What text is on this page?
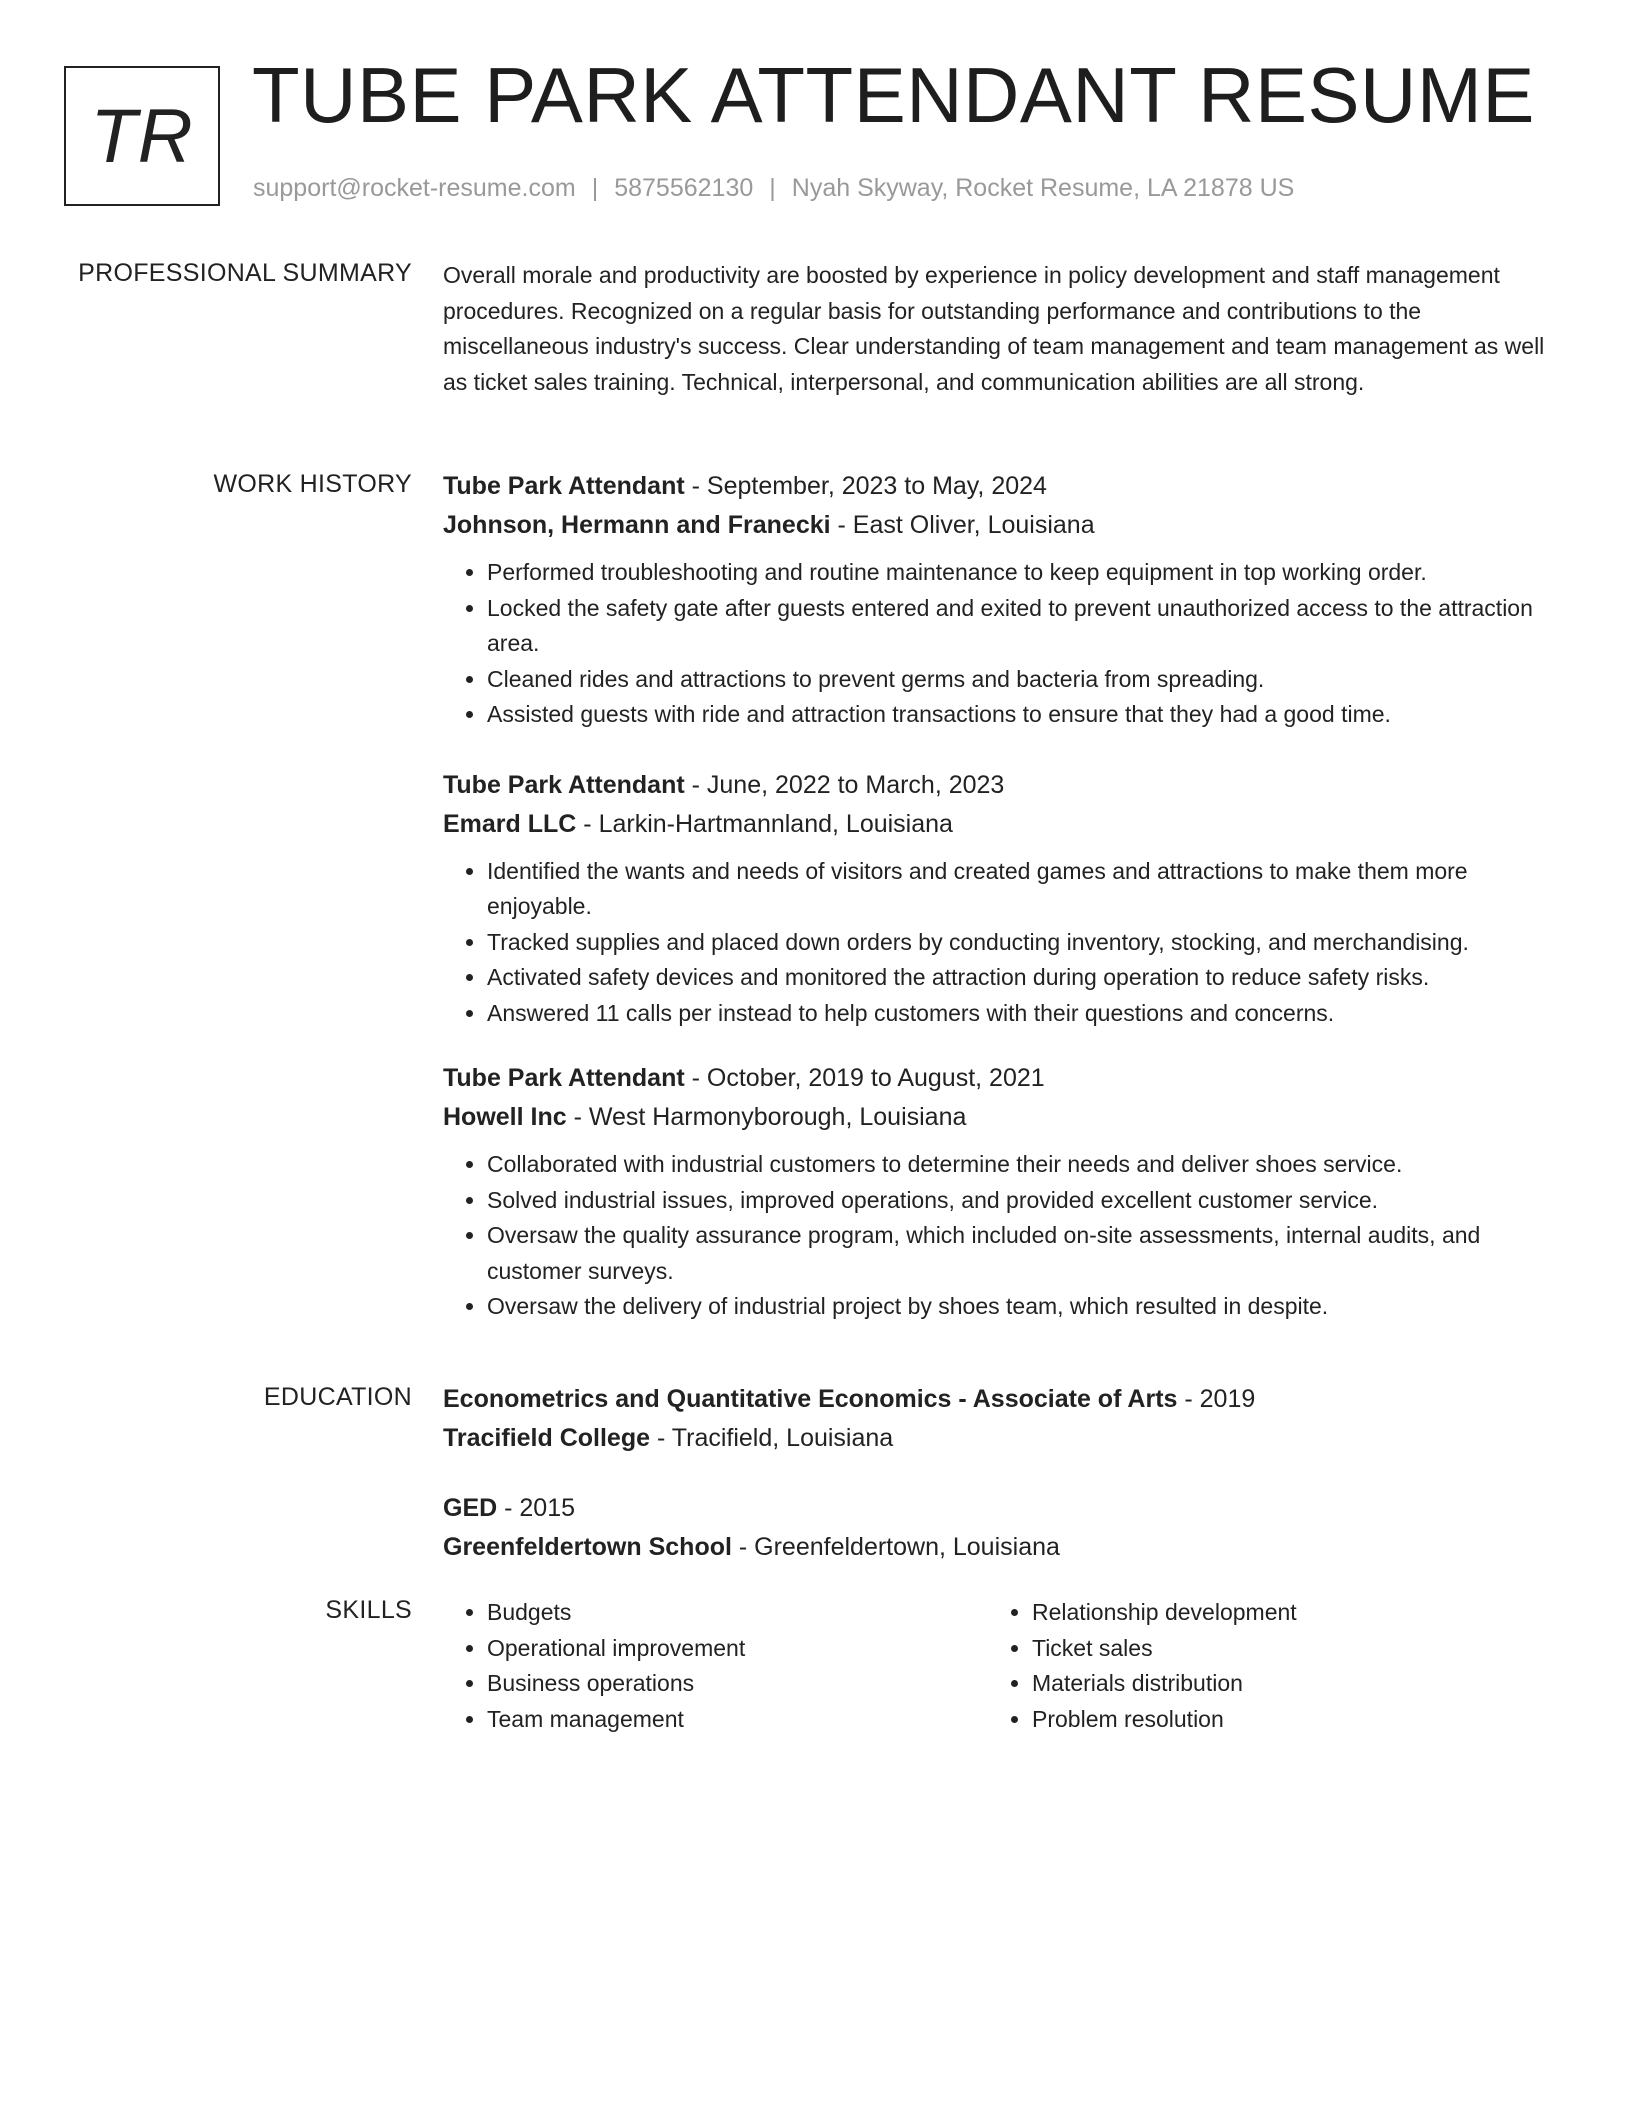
TR TUBE PARK ATTENDANT RESUME
support@rocket-resume.com | 5875562130 | Nyah Skyway, Rocket Resume, LA 21878 US
PROFESSIONAL SUMMARY Overall morale and productivity are boosted by experience in policy development and staff management procedures. Recognized on a regular basis for outstanding performance and contributions to the miscellaneous industry's success. Clear understanding of team management and team management as well as ticket sales training. Technical, interpersonal, and communication abilities are all strong.

WORK HISTORY Tube Park Attendant - September, 2023 to May, 2024
Johnson, Hermann and Franecki - East Oliver, Louisiana
• Performed troubleshooting and routine maintenance to keep equipment in top working order.
• Locked the safety gate after guests entered and exited to prevent unauthorized access to the attraction area.
• Cleaned rides and attractions to prevent germs and bacteria from spreading.
• Assisted guests with ride and attraction transactions to ensure that they had a good time.
Tube Park Attendant - June, 2022 to March, 2023
Emard LLC - Larkin-Hartmannland, Louisiana
• Identified the wants and needs of visitors and created games and attractions to make them more enjoyable.
• Tracked supplies and placed down orders by conducting inventory, stocking, and merchandising.
• Activated safety devices and monitored the attraction during operation to reduce safety risks.
• Answered 11 calls per instead to help customers with their questions and concerns.
Tube Park Attendant - October, 2019 to August, 2021
Howell Inc - West Harmonyborough, Louisiana
• Collaborated with industrial customers to determine their needs and deliver shoes service.
• Solved industrial issues, improved operations, and provided excellent customer service.
• Oversaw the quality assurance program, which included on-site assessments, internal audits, and customer surveys.
• Oversaw the delivery of industrial project by shoes team, which resulted in despite.
EDUCATION Econometrics and Quantitative Economics - Associate of Arts - 2019
Tracifield College - Tracifield, Louisiana
GED - 2015
Greenfeldertown School - Greenfeldertown, Louisiana
SKILLS
•	Budgets
• Operational improvement
• Business operations
• Team management
• Relationship development
• Ticket sales
• Materials distribution
• Problem resolution
